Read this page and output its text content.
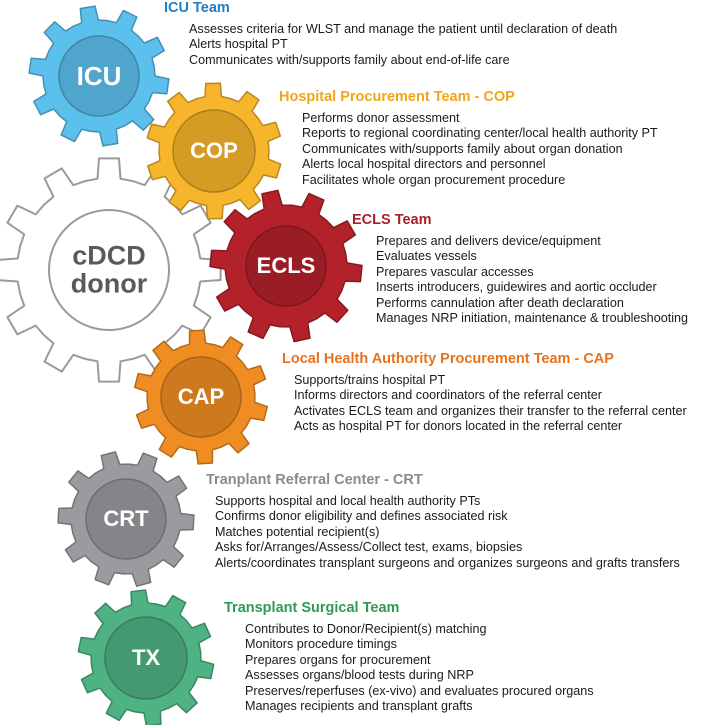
ICU
COP
cDCD
donor
ECLS
CAP
CRT
TX
ICU Team
Assesses criteria for WLST and manage the patient until declaration of death
Alerts hospital PT
Communicates with/supports family about end-of-life care
Hospital Procurement Team - COP
Performs donor assessment
Reports to regional coordinating center/local health authority PT
Communicates with/supports family about organ donation
Alerts local hospital directors and personnel
Facilitates whole organ procurement procedure
ECLS Team
Prepares and delivers device/equipment
Evaluates vessels
Prepares vascular accesses
Inserts introducers, guidewires and aortic occluder
Performs cannulation after death declaration
Manages NRP initiation, maintenance & troubleshooting
Local Health Authority Procurement Team - CAP
Supports/trains hospital PT
Informs directors and coordinators of the referral center
Activates ECLS team and organizes their transfer to the referral center
Acts as hospital PT for donors located in the referral center
Tranplant Referral Center - CRT
Supports hospital and local health authority PTs
Confirms donor eligibility and defines associated risk
Matches potential recipient(s)
Asks for/Arranges/Assess/Collect test, exams, biopsies
Alerts/coordinates transplant surgeons and organizes surgeons and grafts transfers
Transplant Surgical Team
Contributes to Donor/Recipient(s) matching
Monitors procedure timings
Prepares organs for procurement
Assesses organs/blood tests during NRP
Preserves/reperfuses (ex-vivo) and evaluates procured organs
Manages recipients and transplant grafts
